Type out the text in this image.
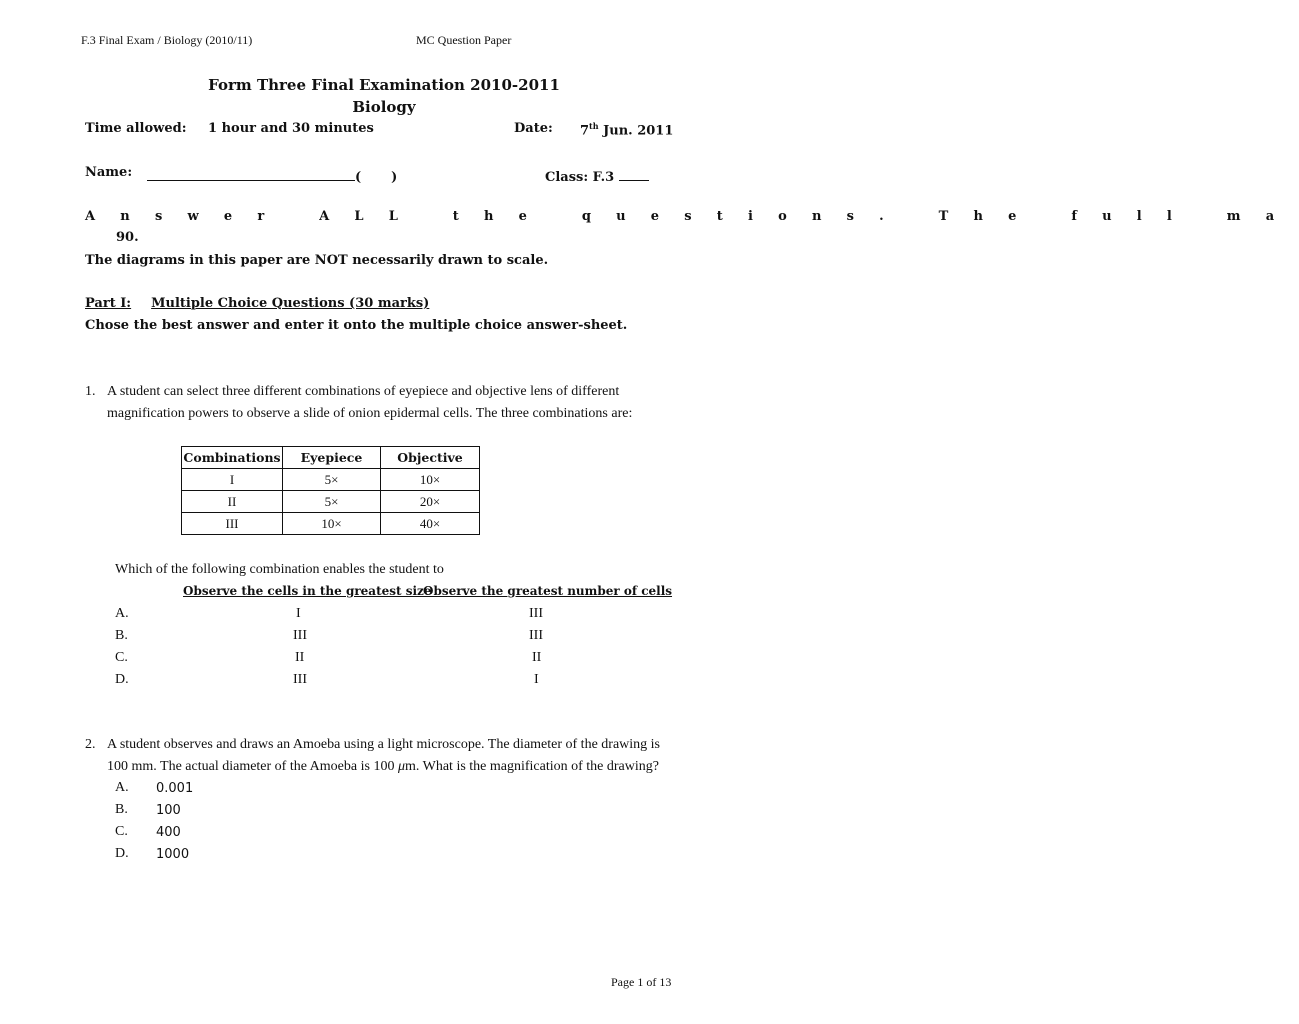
F.3 Final Exam / Biology (2010/11)	MC Question Paper
Form Three Final Examination 2010-2011
Biology
Time allowed: 1 hour and 30 minutes	Date: 7th Jun. 2011
Name:	( )	Class: F.3
Answer ALL the questions. The full ma
90.
The diagrams in this paper are NOT necessarily drawn to scale.
Part I: Multiple Choice Questions (30 marks)
Chose the best answer and enter it onto the multiple choice answer-sheet.
1. A student can select three different combinations of eyepiece and objective lens of different
magnification powers to observe a slide of onion epidermal cells. The three combinations are:
Combinations	Eyepiece	Objective
I	5×	10×
II	5×	20×
III	10×	40×
Which of the following combination enables the student to
Observe the cells in the greatest size
Observe the greatest number of cells
A.	I	III
B.	III	III
C.	II	II
D.	III	I
2. A student observes and draws an Amoeba using a light microscope. The diameter of the drawing is
100 mm. The actual diameter of the Amoeba is 100 μm. What is the magnification of the drawing?
A. 0.001
B. 100
C. 400
D. 1000
Page 1 of 13
